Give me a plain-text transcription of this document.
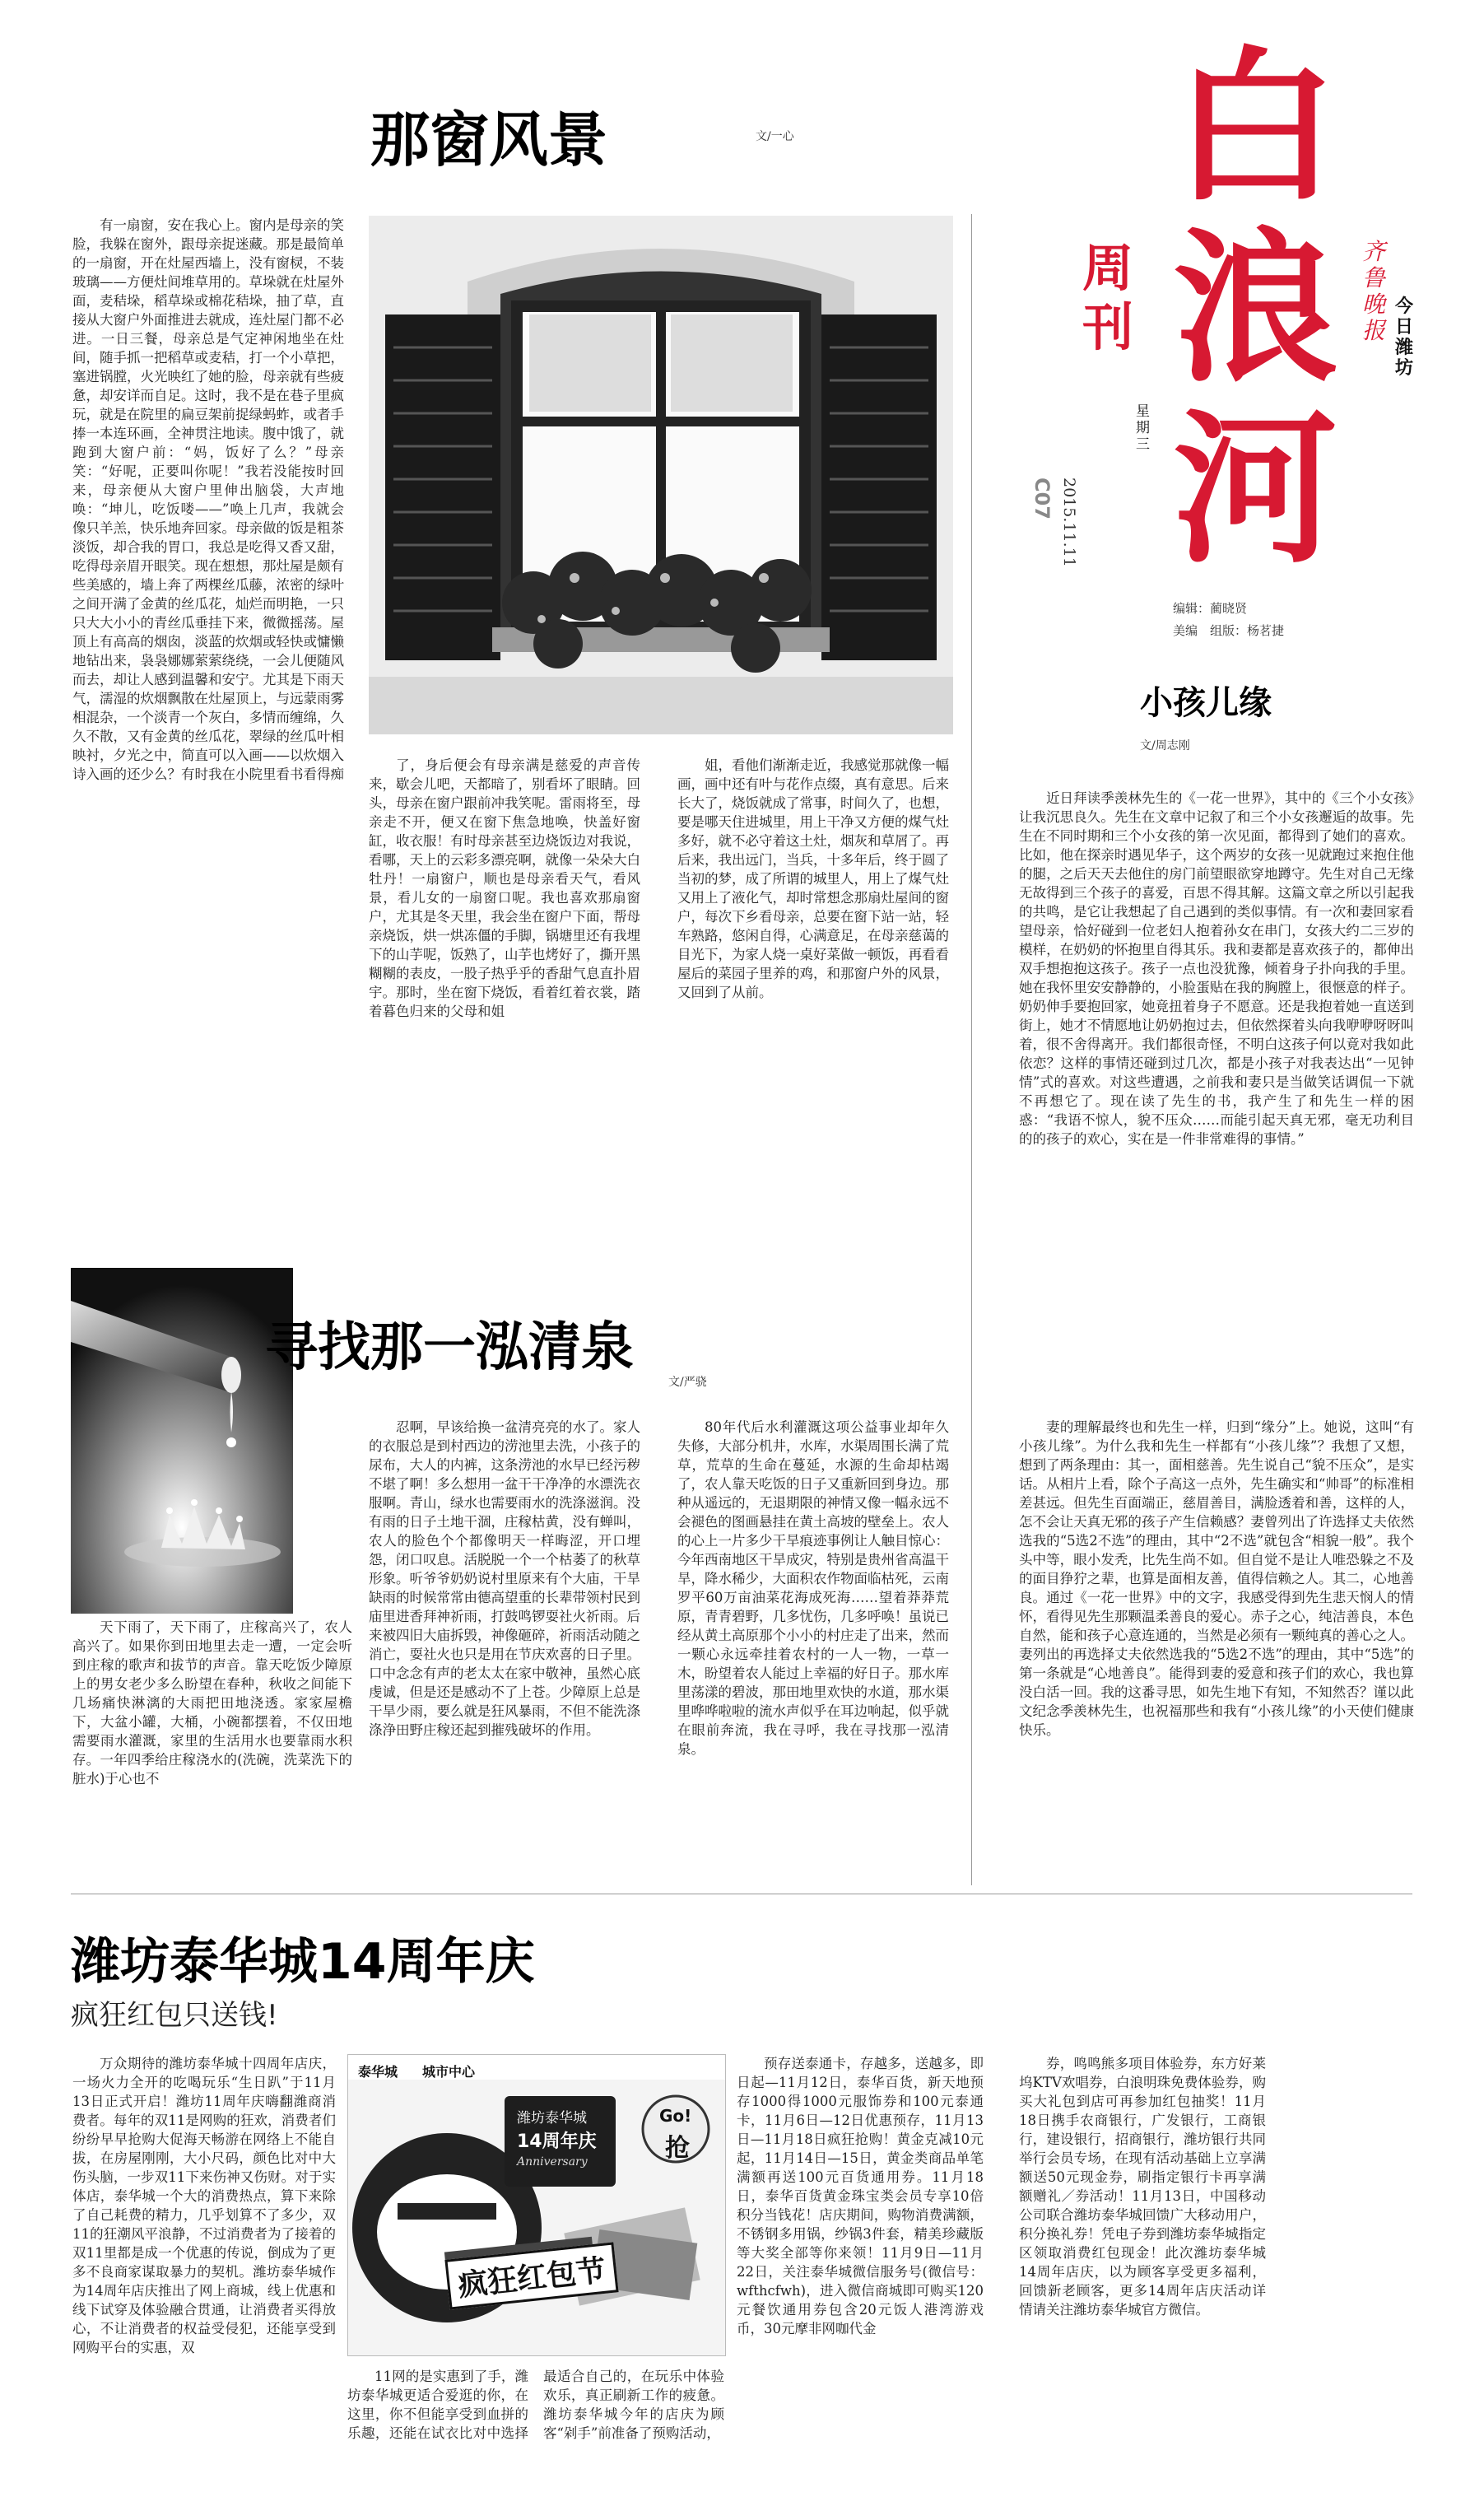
白
浪
河
周刊
齐鲁晚报
今日潍坊
星期三
2015.11.11
C07
编辑：蔺晓贤
美编　组版：杨茗捷
那窗风景	文/一心

有一扇窗，安在我心上。窗内是母亲的笑脸，我躲在窗外，跟母亲捉迷藏。那是最简单的一扇窗，开在灶屋西墙上，没有窗棂，不装玻璃——方便灶间堆草用的。草垛就在灶屋外面，麦秸垛，稻草垛或棉花秸垛，抽了草，直接从大窗户外面推进去就成，连灶屋门都不必进。一日三餐，母亲总是气定神闲地坐在灶间，随手抓一把稻草或麦秸，打一个小草把，塞进锅膛，火光映红了她的脸，母亲就有些疲惫，却安详而自足。这时，我不是在巷子里疯玩，就是在院里的扁豆架前捉绿蚂蚱，或者手捧一本连环画，全神贯注地读。腹中饿了，就跑到大窗户前：“妈，饭好了么？”母亲笑：“好呢，正要叫你呢！”我若没能按时回来，母亲便从大窗户里伸出脑袋，大声地唤：“坤儿，吃饭喽——”唤上几声，我就会像只羊羔，快乐地奔回家。母亲做的饭是粗茶淡饭，却合我的胃口，我总是吃得又香又甜，吃得母亲眉开眼笑。现在想想，那灶屋是颇有些美感的，墙上奔了两棵丝瓜藤，浓密的绿叶之间开满了金黄的丝瓜花，灿烂而明艳，一只只大大小小的青丝瓜垂挂下来，微微摇荡。屋顶上有高高的烟囱，淡蓝的炊烟或轻快或慵懒地钻出来，袅袅娜娜萦萦绕绕，一会儿便随风而去，却让人感到温馨和安宁。尤其是下雨天气，濡湿的炊烟飘散在灶屋顶上，与远蒙雨雾相混杂，一个淡青一个灰白，多情而缠绵，久久不散，又有金黄的丝瓜花，翠绿的丝瓜叶相映衬，夕光之中，简直可以入画——以炊烟入诗入画的还少么？有时我在小院里看书看得痴

了，身后便会有母亲满是慈爱的声音传来，歇会儿吧，天都暗了，别看坏了眼睛。回头，母亲在窗户跟前冲我笑呢。雷雨将至，母亲走不开，便又在窗下焦急地唤，快盖好窗缸，收衣服！有时母亲甚至边烧饭边对我说，看哪，天上的云彩多漂亮啊，就像一朵朵大白牡丹！一扇窗户，顺也是母亲看天气，看风景，看儿女的一扇窗口呢。我也喜欢那扇窗户，尤其是冬天里，我会坐在窗户下面，帮母亲烧饭，烘一烘冻僵的手脚，锅塘里还有我埋下的山芋呢，饭熟了，山芋也烤好了，撕开黑糊糊的表皮，一股子热乎乎的香甜气息直扑眉宇。那时，坐在窗下烧饭，看着红着衣裳，踏着暮色归来的父母和姐

姐，看他们渐渐走近，我感觉那就像一幅画，画中还有叶与花作点缀，真有意思。后来长大了，烧饭就成了常事，时间久了，也想，要是哪天住进城里，用上干净又方便的煤气灶多好，就不必守着这土灶，烟灰和草屑了。再后来，我出远门，当兵，十多年后，终于圆了当初的梦，成了所谓的城里人，用上了煤气灶又用上了液化气，却时常想念那扇灶屋间的窗户，每次下乡看母亲，总要在窗下站一站，轻车熟路，悠闲自得，心满意足，在母亲慈蔼的目光下，为家人烧一桌好菜做一顿饭，再看看屋后的菜园子里养的鸡，和那窗户外的风景，又回到了从前。

小孩儿缘
文/周志刚

近日拜读季羡林先生的《一花一世界》，其中的《三个小女孩》让我沉思良久。先生在文章中记叙了和三个小女孩邂逅的故事。先生在不同时期和三个小女孩的第一次见面，都得到了她们的喜欢。比如，他在探亲时遇见华子，这个两岁的女孩一见就跑过来抱住他的腿，之后天天去他住的房门前望眼欲穿地蹲守。先生对自己无缘无故得到三个孩子的喜爱，百思不得其解。这篇文章之所以引起我的共鸣，是它让我想起了自己遇到的类似事情。有一次和妻回家看望母亲，恰好碰到一位老妇人抱着孙女在串门，女孩大约二三岁的模样，在奶奶的怀抱里自得其乐。我和妻都是喜欢孩子的，都伸出双手想抱抱这孩子。孩子一点也没犹豫，倾着身子扑向我的手里。她在我怀里安安静静的，小脸蛋贴在我的胸膛上，很惬意的样子。奶奶伸手要抱回家，她竟扭着身子不愿意。还是我抱着她一直送到街上，她才不情愿地让奶奶抱过去，但依然探着头向我咿咿呀呀叫着，很不舍得离开。我们都很奇怪，不明白这孩子何以竟对我如此依恋？这样的事情还碰到过几次，都是小孩子对我表达出“一见钟情”式的喜欢。对这些遭遇，之前我和妻只是当做笑话调侃一下就不再想它了。现在读了先生的书，我产生了和先生一样的困惑：“我语不惊人，貌不压众……而能引起天真无邪，毫无功利目的的孩子的欢心，实在是一件非常难得的事情。”

妻的理解最终也和先生一样，归到“缘分”上。她说，这叫“有小孩儿缘”。为什么我和先生一样都有“小孩儿缘”？我想了又想，想到了两条理由：其一，面相慈善。先生说自己“貌不压众”，是实话。从相片上看，除个子高这一点外，先生确实和“帅哥”的标准相差甚远。但先生百面端正，慈眉善目，满脸透着和善，这样的人，怎不会让天真无邪的孩子产生信赖感？妻曾列出了许选择丈夫依然选我的“5选2不选”的理由，其中“2不选”就包含“相貌一般”。我个头中等，眼小发秃，比先生尚不如。但自觉不是让人唯恐躲之不及的面目狰狞之辈，也算是面相友善，值得信赖之人。其二，心地善良。通过《一花一世界》中的文字，我感受得到先生悲天悯人的情怀，看得见先生那颗温柔善良的爱心。赤子之心，纯洁善良，本色自然，能和孩子心意连通的，当然是必须有一颗纯真的善心之人。妻列出的再选择丈夫依然选我的“5选2不选”的理由，其中“5选”的第一条就是“心地善良”。能得到妻的爱意和孩子们的欢心，我也算没白活一回。我的这番寻思，如先生地下有知，不知然否？谨以此文纪念季羡林先生，也祝福那些和我有“小孩儿缘”的小天使们健康快乐。

寻找那一泓清泉
文/严骁

天下雨了，天下雨了，庄稼高兴了，农人高兴了。如果你到田地里去走一遭，一定会听到庄稼的歌声和拔节的声音。靠天吃饭少障原上的男女老少多么盼望在春种，秋收之间能下几场痛快淋漓的大雨把田地浇透。家家屋檐下，大盆小罐，大桶，小碗都摆着，不仅田地需要雨水灌溉，家里的生活用水也要靠雨水积存。一年四季给庄稼浇水的(洗碗，洗菜洗下的脏水)于心也不

忍啊，早该给换一盆清亮亮的水了。家人的衣服总是到村西边的涝池里去洗，小孩子的尿布，大人的内裤，这条涝池的水早已经污秽不堪了啊！多么想用一盆干干净净的水漂洗衣服啊。青山，绿水也需要雨水的洗涤滋润。没有雨的日子土地干涸，庄稼枯黄，没有蝉叫，农人的脸色个个都像明天一样晦涩，开口埋怨，闭口叹息。活脱脱一个一个枯萎了的秋草形象。听爷爷奶奶说村里原来有个大庙，干旱缺雨的时候常常由德高望重的长辈带领村民到庙里进香拜神祈雨，打鼓鸣锣耍社火祈雨。后来被四旧大庙拆毁，神像砸碎，祈雨活动随之消亡，耍社火也只是用在节庆欢喜的日子里。口中念念有声的老太太在家中敬神，虽然心底虔诚，但是还是感动不了上苍。少障原上总是干旱少雨，要么就是狂风暴雨，不但不能洗涤涤浄田野庄稼还起到摧残破坏的作用。

80年代后水利灌溉这项公益事业却年久失修，大部分机井，水库，水渠周围长满了荒草，荒草的生命在蔓延，水源的生命却枯竭了，农人靠天吃饭的日子又重新回到身边。那种从遥远的，无退期限的神情又像一幅永远不会褪色的图画悬挂在黄土高坡的壁垒上。农人的心上一片多少干旱痕迹事例让人触目惊心：今年西南地区干旱成灾，特别是贵州省高温干旱，降水稀少，大面积农作物面临枯死，云南罗平60万亩油菜花海成死海……望着莽莽荒原，青青碧野，几多忧伤，几多呼唤！虽说已经从黄土高原那个小小的村庄走了出来，然而一颗心永远牵挂着农村的一人一物，一草一木，盼望着农人能过上幸福的好日子。那水库里荡漾的碧波，那田地里欢快的水道，那水渠里哗哗啦啦的流水声似乎在耳边响起，似乎就在眼前奔流，我在寻呼，我在寻找那一泓清泉。

潍坊泰华城14周年庆
疯狂红包只送钱!

万众期待的潍坊泰华城十四周年店庆，一场火力全开的吃喝玩乐“生日趴”于11月13日正式开启！潍坊11周年庆嗨翻潍商消费者。每年的双11是网购的狂欢，消费者们纷纷早早抢购大促海天畅游在网络上不能自拔，在房屋刚刚，大小尺码，颜色比对中大伤头脑，一步双11下来伤神又伤财。对于实体店，泰华城一个大的消费热点，算下来除了自己耗费的精力，几乎划算不了多少，双11的狂潮风平浪静，不过消费者为了接着的双11里都是成一个优惠的传说，倒成为了更多不良商家谋取暴力的契机。潍坊泰华城作为14周年店庆推出了网上商城，线上优惠和线下试穿及体验融合贯通，让消费者买得放心，不让消费者的权益受侵犯，还能享受到网购平台的实惠，双

泰华城 城市中心
潍坊泰华城
14周年庆
Anniversary
Go!
抢
疯狂红包节

11网的是实惠到了手，潍坊泰华城更适合爱逛的你，在这里，你不但能享受到血拼的乐趣，还能在试衣比对中选择最适合自己的，在玩乐中体验欢乐，真正刷新工作的疲惫。潍坊泰华城今年的店庆为顾客“剁手”前准备了预购活动，

预存送泰通卡，存越多，送越多，即日起—11月12日，泰华百货，新天地预存1000得1000元服饰券和100元泰通卡，11月6日—12日优惠预存，11月13日—11月18日疯狂抢购！黄金克减10元起，11月14日—15日，黄金类商品单笔满额再送100元百货通用券。11月18日，泰华百货黄金珠宝类会员专享10倍积分当钱花！店庆期间，购物消费满额，不锈钢多用锅，纱锅3件套，精美珍藏版等大奖全部等你来领！11月9日—11月22日，关注泰华城微信服务号(微信号：wfthcfwh)，进入微信商城即可购买120元餐饮通用券包含20元饭人港湾游戏币，30元摩非网咖代金

券，鸣鸣熊多项目体验券，东方好莱坞KTV欢唱券，白浪明珠免费体验券，购买大礼包到店可再参加红包抽奖！11月18日携手农商银行，广发银行，工商银行，建设银行，招商银行，潍坊银行共同举行会员专场，在现有活动基础上立享满额送50元现金券，刷指定银行卡再享满额赠礼／券活动！11月13日，中国移动公司联合潍坊泰华城回馈广大移动用户，积分换礼券！凭电子券到潍坊泰华城指定区领取消费红包现金！此次潍坊泰华城14周年店庆，以为顾客享受更多福利，回馈新老顾客，更多14周年店庆活动详情请关注潍坊泰华城官方微信。
